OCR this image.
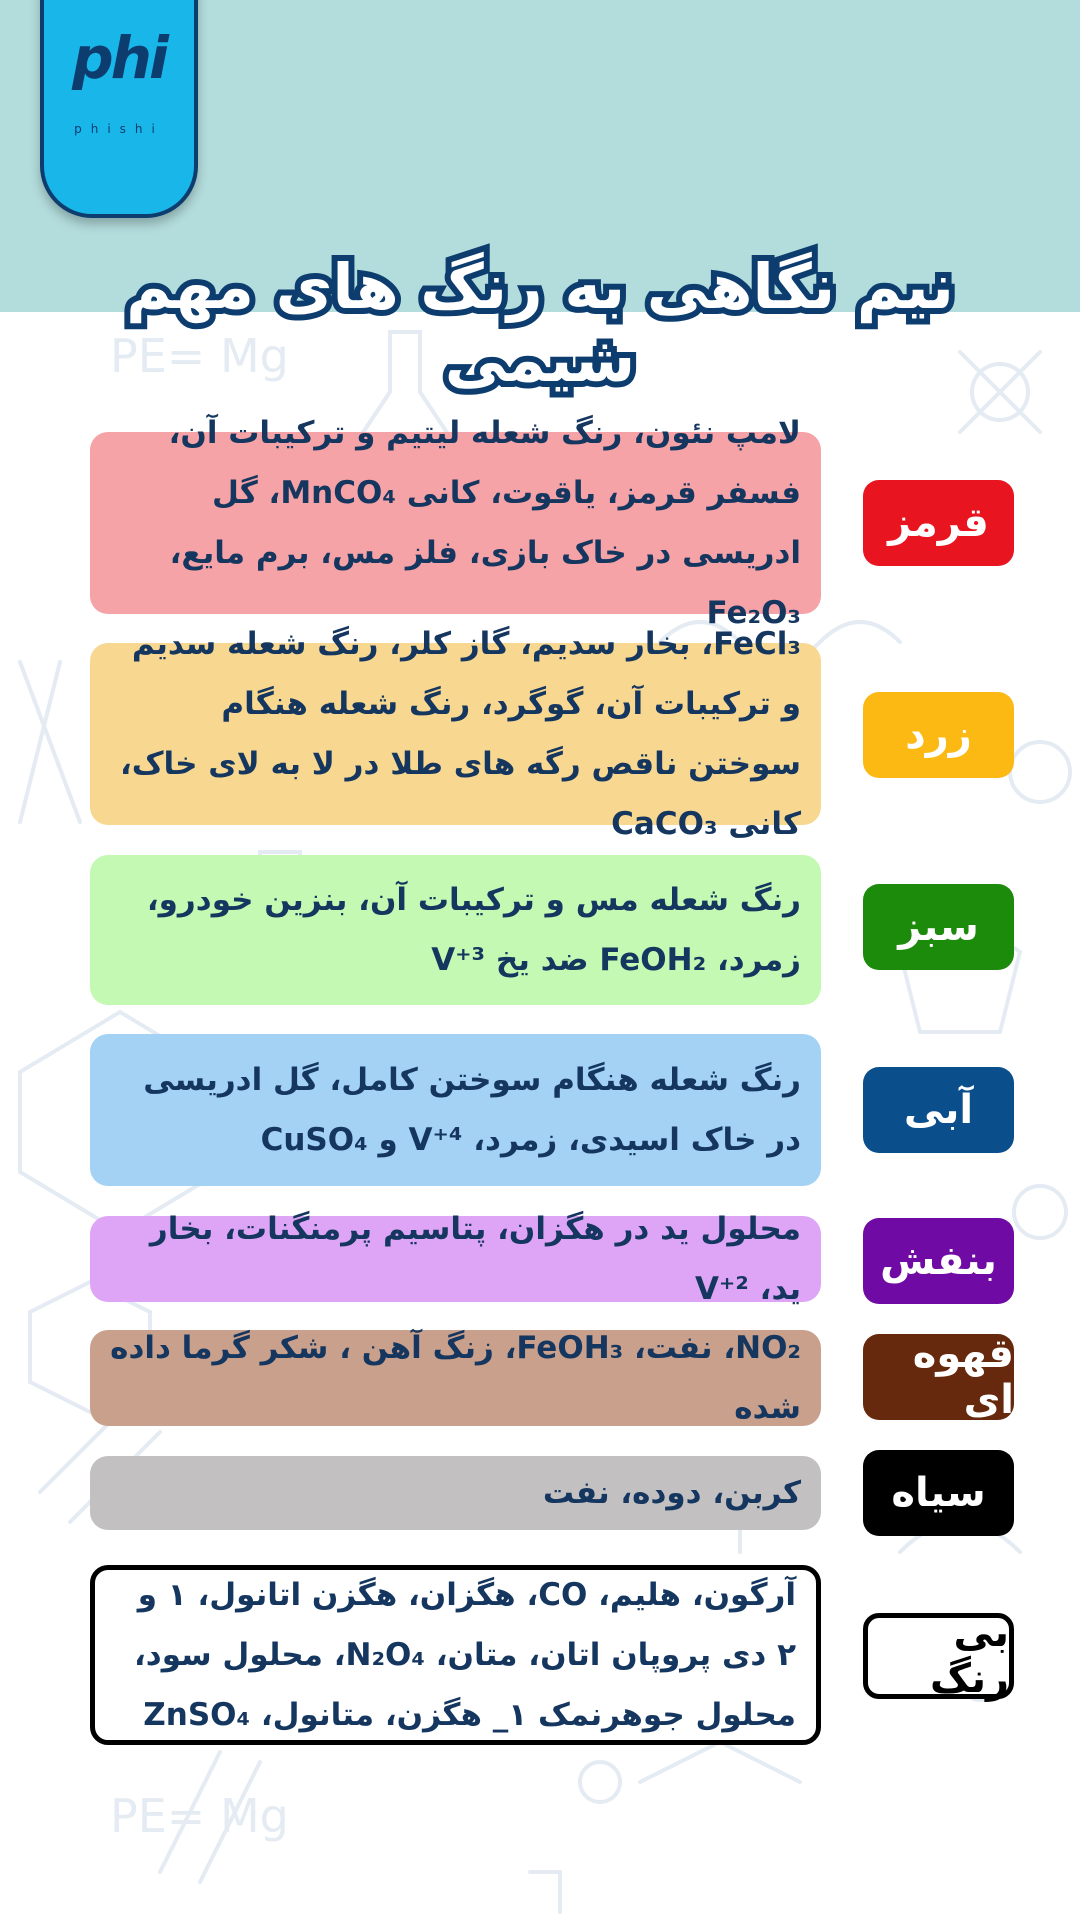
PE= Mg
PE= Mg
phi
phishi
نیم نگاهی به رنگ های مهم شیمی
لامپ نئون، رنگ شعله لیتیم و ترکیبات آن، فسفر قرمز، یاقوت، کانی MnCO₄، گل ادریسی در خاک بازی، فلز مس، برم مایع، Fe₂O₃
قرمز
FeCl₃، بخار سدیم، گاز کلر، رنگ شعله سدیم و ترکیبات آن، گوگرد، رنگ شعله هنگام سوختن ناقص رگه های طلا در لا به لای خاک، کانی CaCO₃
زرد
رنگ شعله مس و ترکیبات آن، بنزین خودرو، زمرد، FeOH₂ ضد یخ V⁺³
سبز
رنگ شعله هنگام سوختن کامل، گل ادریسی در خاک اسیدی، زمرد، V⁺⁴ و CuSO₄
آبی
محلول ید در هگزان، پتاسیم پرمنگنات، بخار ید، V⁺²
بنفش
NO₂، نفت، FeOH₃، زنگ آهن ، شکر گرما داده شده
قهوه ای
کربن، دوده، نفت	سیاه
آرگون، هلیم، CO، هگزان، هگزن اتانول، ۱ و ۲ دی پروپان اتان، متان، N₂O₄، محلول سود، محلول جوهرنمک ۱_ هگزن، متانول، ZnSO₄
بی رنگ
